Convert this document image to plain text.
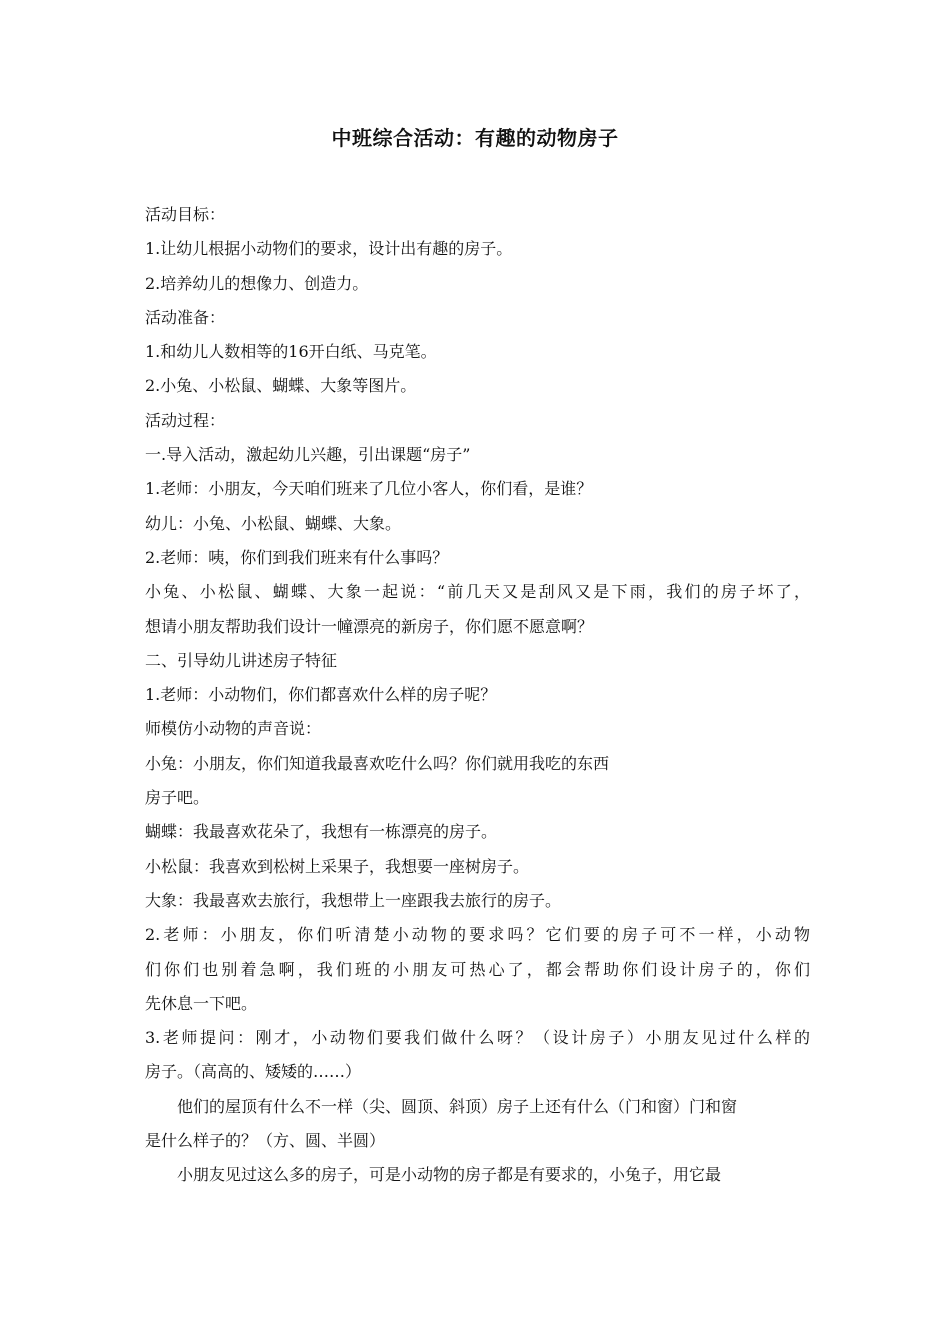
中班综合活动：有趣的动物房子

活动目标：

1.让幼儿根据小动物们的要求，设计出有趣的房子。

2.培养幼儿的想像力、创造力。

活动准备：

1.和幼儿人数相等的16开白纸、马克笔。

2.小兔、小松鼠、蝴蝶、大象等图片。

活动过程：

一.导入活动，激起幼儿兴趣，引出课题“房子”

1.老师：小朋友，今天咱们班来了几位小客人，你们看，是谁？

幼儿：小兔、小松鼠、蝴蝶、大象。

2.老师：咦，你们到我们班来有什么事吗？

小兔、小松鼠、蝴蝶、大象一起说：“前几天又是刮风又是下雨，我们的房子坏了，

想请小朋友帮助我们设计一幢漂亮的新房子，你们愿不愿意啊？

二、引导幼儿讲述房子特征

1.老师：小动物们，你们都喜欢什么样的房子呢？

师模仿小动物的声音说：

小兔：小朋友，你们知道我最喜欢吃什么吗？你们就用我吃的东西

房子吧。

蝴蝶：我最喜欢花朵了，我想有一栋漂亮的房子。

小松鼠：我喜欢到松树上采果子，我想要一座树房子。

大象：我最喜欢去旅行，我想带上一座跟我去旅行的房子。

2.老师：小朋友，你们听清楚小动物的要求吗？它们要的房子可不一样，小动物

们你们也别着急啊，我们班的小朋友可热心了，都会帮助你们设计房子的，你们

先休息一下吧。

3.老师提问：刚才，小动物们要我们做什么呀？（设计房子）小朋友见过什么样的

房子。（高高的、矮矮的……）

他们的屋顶有什么不一样（尖、圆顶、斜顶）房子上还有什么（门和窗）门和窗

是什么样子的？（方、圆、半圆）

小朋友见过这么多的房子，可是小动物的房子都是有要求的，小兔子，用它最
